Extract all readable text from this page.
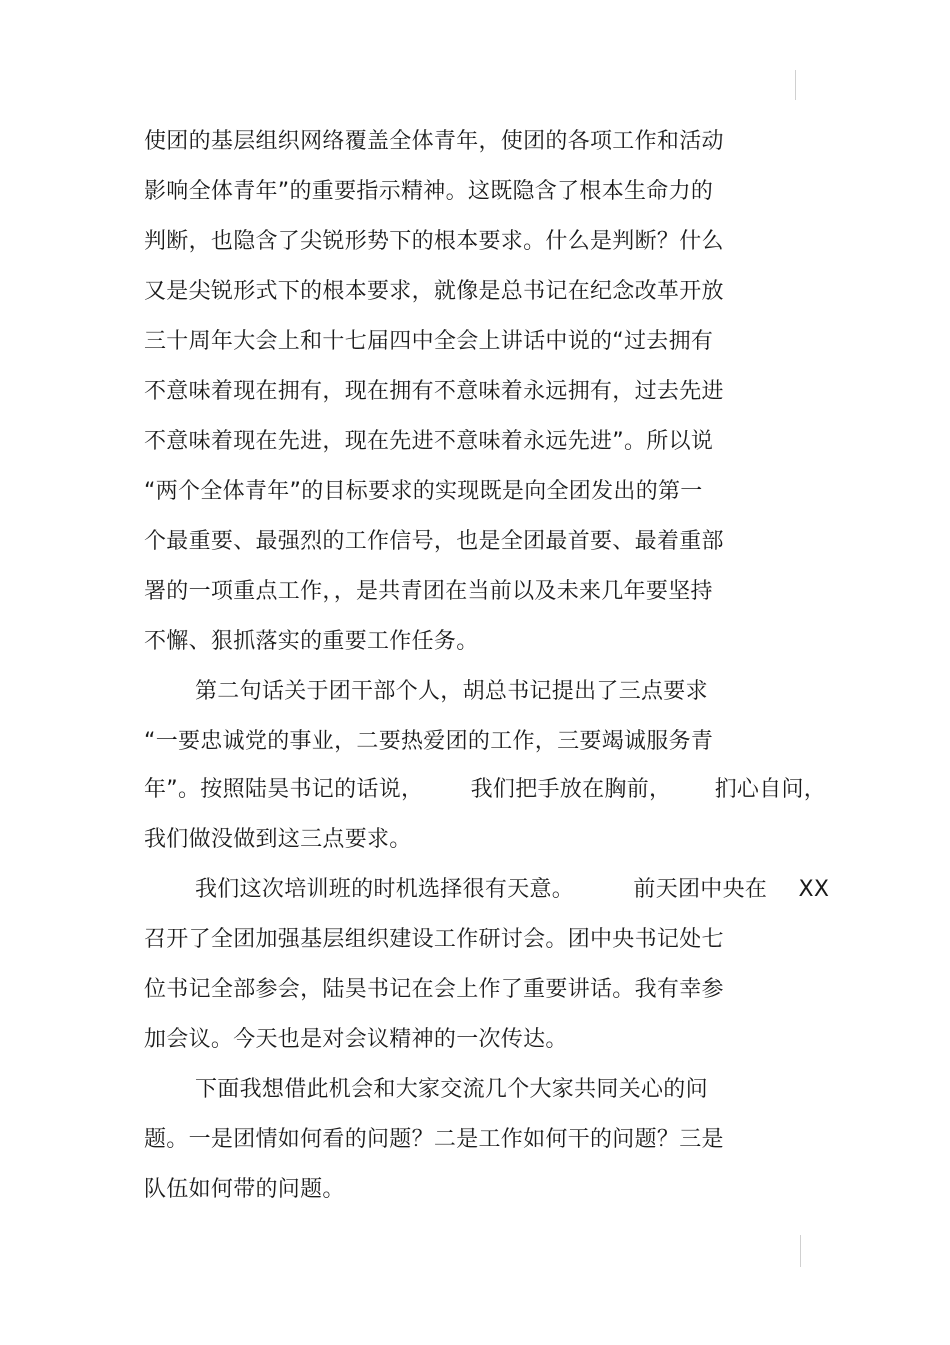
使团的基层组织网络覆盖全体青年，使团的各项工作和活动
影响全体青年”的重要指示精神。这既隐含了根本生命力的
判断，也隐含了尖锐形势下的根本要求。什么是判断？什么
又是尖锐形式下的根本要求，就像是总书记在纪念改革开放
三十周年大会上和十七届四中全会上讲话中说的“过去拥有
不意味着现在拥有，现在拥有不意味着永远拥有，过去先进
不意味着现在先进，现在先进不意味着永远先进”。所以说
“两个全体青年”的目标要求的实现既是向全团发出的第一
个最重要、最强烈的工作信号，也是全团最首要、最着重部
署的一项重点工作，，是共青团在当前以及未来几年要坚持
不懈、狠抓落实的重要工作任务。
第二句话关于团干部个人，胡总书记提出了三点要求
“一要忠诚党的事业，二要热爱团的工作，三要竭诚服务青
年”。按照陆昊书记的话说， 我们把手放在胸前， 扪心自问，
我们做没做到这三点要求。
我们这次培训班的时机选择很有天意。	前天团中央在 XX
召开了全团加强基层组织建设工作研讨会。团中央书记处七
位书记全部参会，陆昊书记在会上作了重要讲话。我有幸参
加会议。今天也是对会议精神的一次传达。
下面我想借此机会和大家交流几个大家共同关心的问
题。一是团情如何看的问题？二是工作如何干的问题？三是
队伍如何带的问题。
